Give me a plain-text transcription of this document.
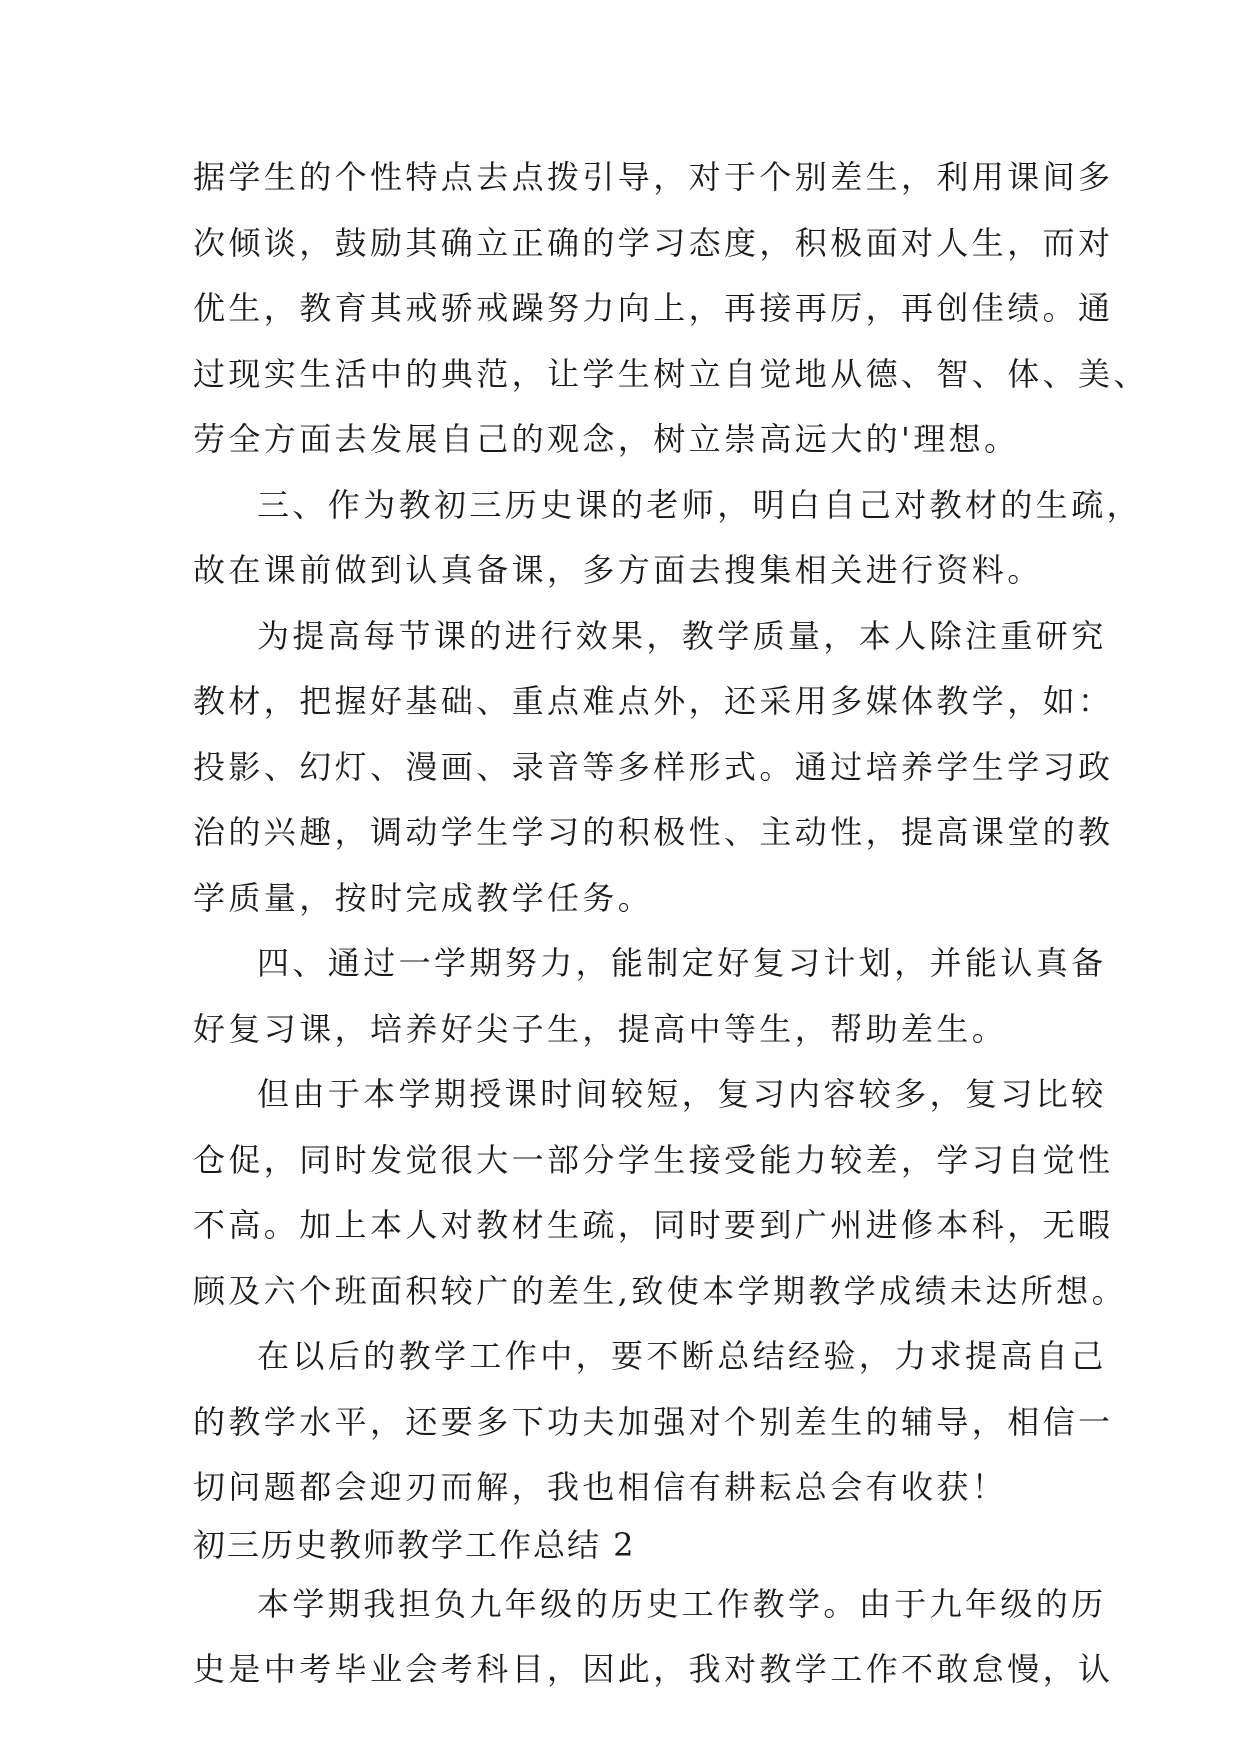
据学生的个性特点去点拨引导，对于个别差生，利用课间多
次倾谈，鼓励其确立正确的学习态度，积极面对人生，而对
优生，教育其戒骄戒躁努力向上，再接再厉，再创佳绩。通
过现实生活中的典范，让学生树立自觉地从德、智、体、美、
劳全方面去发展自己的观念，树立崇高远大的'理想。
三、作为教初三历史课的老师，明白自己对教材的生疏，
故在课前做到认真备课，多方面去搜集相关进行资料。
为提高每节课的进行效果，教学质量，本人除注重研究
教材，把握好基础、重点难点外，还采用多媒体教学，如：
投影、幻灯、漫画、录音等多样形式。通过培养学生学习政
治的兴趣，调动学生学习的积极性、主动性，提高课堂的教
学质量，按时完成教学任务。
四、通过一学期努力，能制定好复习计划，并能认真备
好复习课，培养好尖子生，提高中等生，帮助差生。
但由于本学期授课时间较短，复习内容较多，复习比较
仓促，同时发觉很大一部分学生接受能力较差，学习自觉性
不高。加上本人对教材生疏，同时要到广州进修本科，无暇
顾及六个班面积较广的差生,致使本学期教学成绩未达所想。
在以后的教学工作中，要不断总结经验，力求提高自己
的教学水平，还要多下功夫加强对个别差生的辅导，相信一
切问题都会迎刃而解，我也相信有耕耘总会有收获！
初三历史教师教学工作总结 2
本学期我担负九年级的历史工作教学。由于九年级的历
史是中考毕业会考科目，因此，我对教学工作不敢怠慢，认
